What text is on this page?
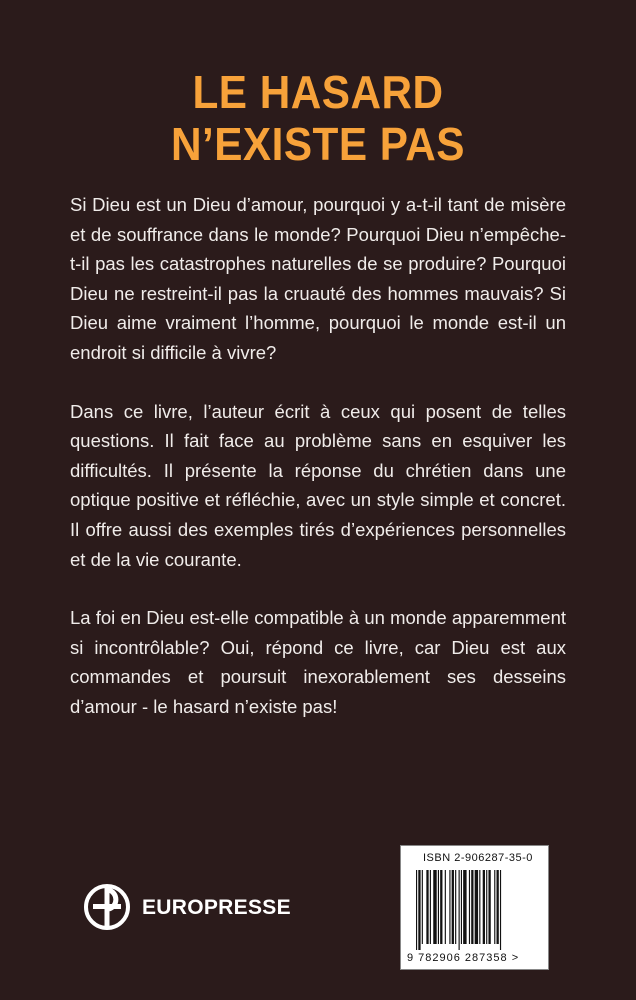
LE HASARD
N’EXISTE PAS

Si Dieu est un Dieu d’amour, pourquoi y a-t-il tant de misère et de souffrance dans le monde? Pourquoi Dieu n’empêche-t-il pas les catastrophes naturelles de se produire? Pourquoi Dieu ne restreint-il pas la cruauté des hommes mauvais? Si Dieu aime vraiment l’homme, pourquoi le monde est-il un endroit si difficile à vivre?

Dans ce livre, l’auteur écrit à ceux qui posent de telles questions. Il fait face au problème sans en esquiver les difficultés. Il présente la réponse du chrétien dans une optique positive et réfléchie, avec un style simple et concret. Il offre aussi des exemples tirés d’expériences personnelles et de la vie courante.

La foi en Dieu est-elle compatible à un monde apparemment si incontrôlable? Oui, répond ce livre, car Dieu est aux commandes et poursuit inexorablement ses desseins d’amour - le hasard n’existe pas!

EUROPRESSE
ISBN 2-906287-35-0
9 782906 287358 >
